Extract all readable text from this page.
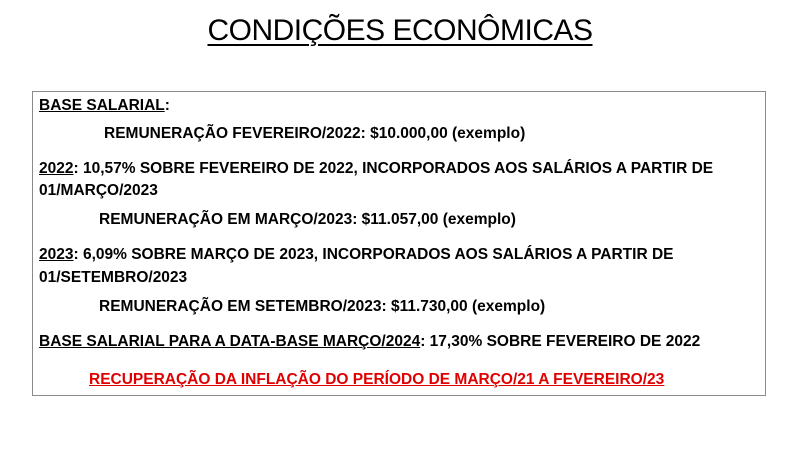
CONDIÇÕES ECONÔMICAS
BASE SALARIAL:
REMUNERAÇÃO FEVEREIRO/2022: $10.000,00 (exemplo)
2022: 10,57% SOBRE FEVEREIRO DE 2022, INCORPORADOS AOS SALÁRIOS A PARTIR DE
01/MARÇO/2023
REMUNERAÇÃO EM MARÇO/2023: $11.057,00 (exemplo)
2023: 6,09% SOBRE MARÇO DE 2023, INCORPORADOS AOS SALÁRIOS A PARTIR DE
01/SETEMBRO/2023
REMUNERAÇÃO EM SETEMBRO/2023: $11.730,00 (exemplo)
BASE SALARIAL PARA A DATA-BASE MARÇO/2024: 17,30% SOBRE FEVEREIRO DE 2022
RECUPERAÇÃO DA INFLAÇÃO DO PERÍODO DE MARÇO/21 A FEVEREIRO/23
